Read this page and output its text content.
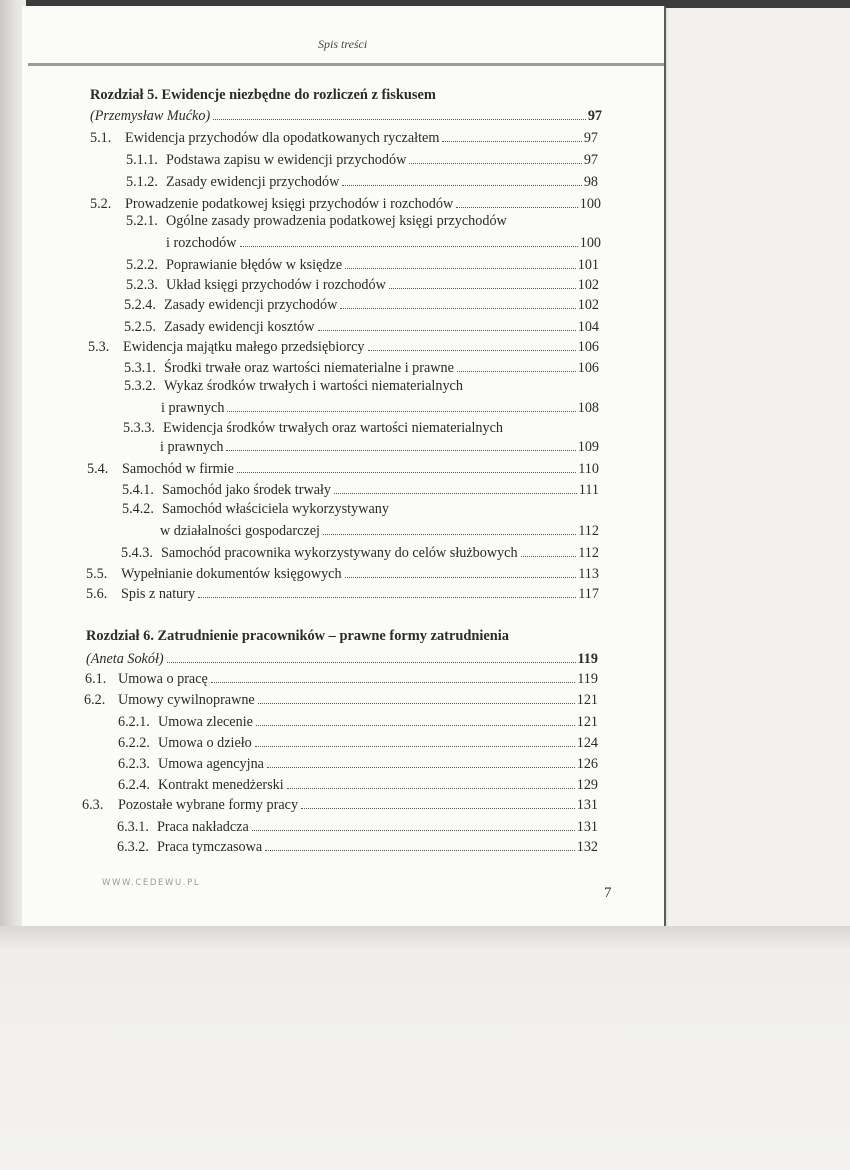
Spis treści
Rozdział 5. Ewidencje niezbędne do rozliczeń z fiskusem
(Przemysław Mućko)	97
5.1. Ewidencja przychodów dla opodatkowanych ryczałtem	97
5.1.1. Podstawa zapisu w ewidencji przychodów	97
5.1.2. Zasady ewidencji przychodów	98
5.2. Prowadzenie podatkowej księgi przychodów i rozchodów	100
5.2.1. Ogólne zasady prowadzenia podatkowej księgi przychodów
i rozchodów	100
5.2.2. Poprawianie błędów w księdze	101
5.2.3. Układ księgi przychodów i rozchodów	102
5.2.4. Zasady ewidencji przychodów	102
5.2.5. Zasady ewidencji kosztów	104
5.3. Ewidencja majątku małego przedsiębiorcy	106
5.3.1. Środki trwałe oraz wartości niematerialne i prawne	106
5.3.2. Wykaz środków trwałych i wartości niematerialnych
i prawnych	108
5.3.3. Ewidencja środków trwałych oraz wartości niematerialnych
i prawnych	109
5.4. Samochód w firmie	110
5.4.1. Samochód jako środek trwały	111
5.4.2. Samochód właściciela wykorzystywany
w działalności gospodarczej	112
5.4.3. Samochód pracownika wykorzystywany do celów służbowych	112
5.5. Wypełnianie dokumentów księgowych	113
5.6. Spis z natury	117
Rozdział 6. Zatrudnienie pracowników – prawne formy zatrudnienia
(Aneta Sokół)	119
6.1. Umowa o pracę	119
6.2. Umowy cywilnoprawne	121
6.2.1. Umowa zlecenie	121
6.2.2. Umowa o dzieło	124
6.2.3. Umowa agencyjna	126
6.2.4. Kontrakt menedżerski	129
6.3.	Pozostałe wybrane formy pracy	131
6.3.1. Praca nakładcza	131
6.3.2. Praca tymczasowa	132
WWW.CEDEWU.PL
7
